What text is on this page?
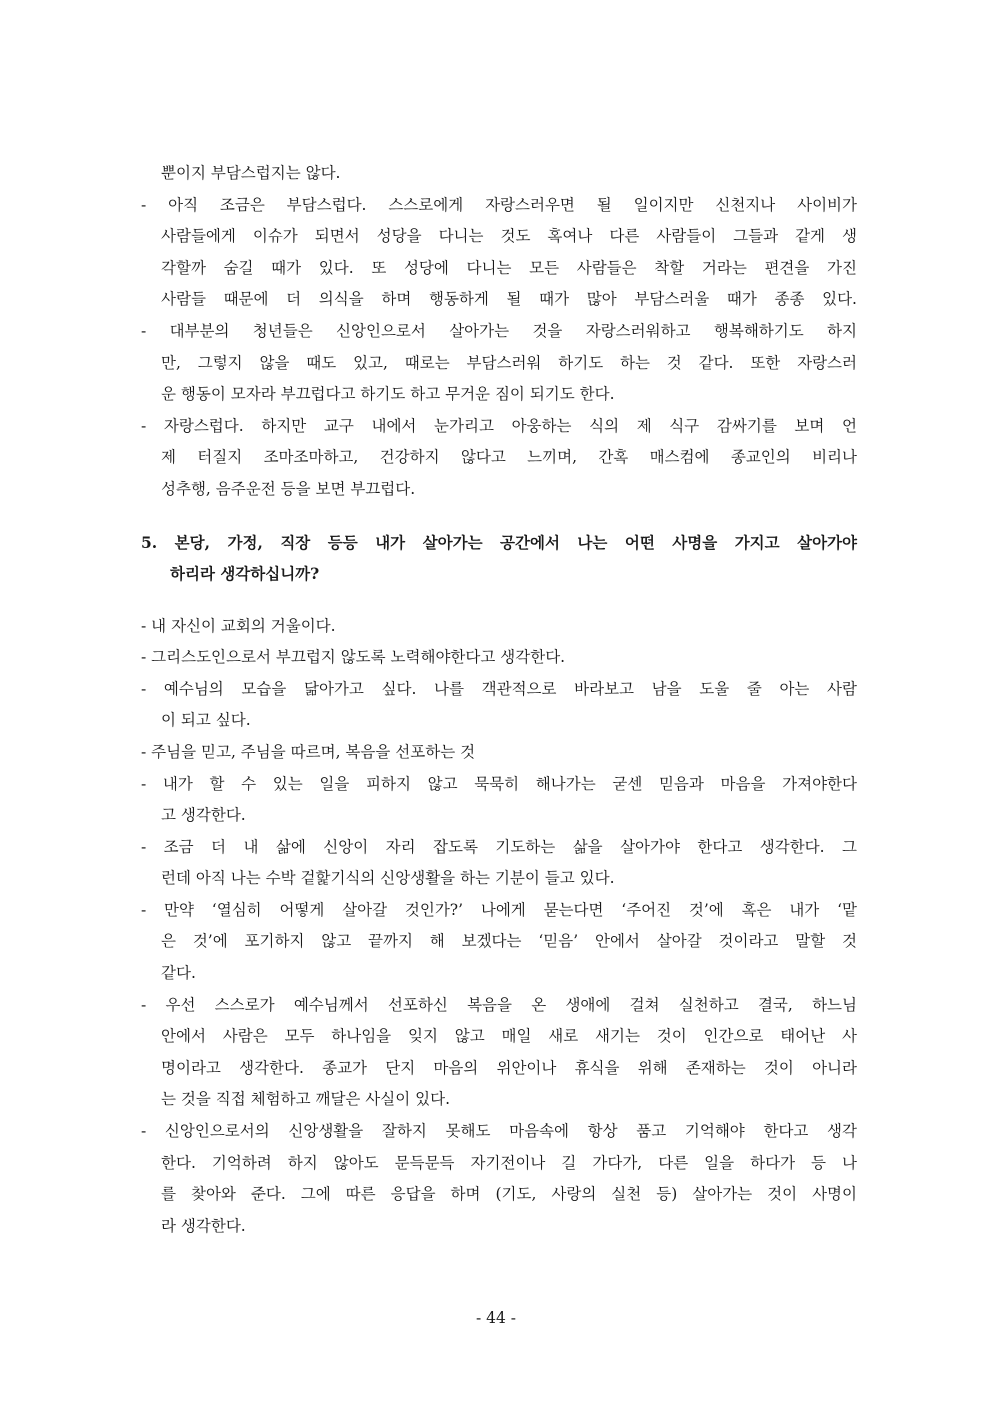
뿐이지 부담스럽지는 않다.
- 아직 조금은 부담스럽다. 스스로에게 자랑스러우면 될 일이지만 신천지나 사이비가
사람들에게 이슈가 되면서 성당을 다니는 것도 혹여나 다른 사람들이 그들과 같게 생
각할까 숨길 때가 있다. 또 성당에 다니는 모든 사람들은 착할 거라는 편견을 가진
사람들 때문에 더 의식을 하며 행동하게 될 때가 많아 부담스러울 때가 종종 있다.
- 대부분의 청년들은 신앙인으로서 살아가는 것을 자랑스러워하고 행복해하기도 하지
만, 그렇지 않을 때도 있고, 때로는 부담스러워 하기도 하는 것 같다. 또한 자랑스러
운 행동이 모자라 부끄럽다고 하기도 하고 무거운 짐이 되기도 한다.
- 자랑스럽다. 하지만 교구 내에서 눈가리고 아웅하는 식의 제 식구 감싸기를 보며 언
제 터질지 조마조마하고, 건강하지 않다고 느끼며, 간혹 매스컴에 종교인의 비리나
성추행, 음주운전 등을 보면 부끄럽다.
5. 본당, 가정, 직장 등등 내가 살아가는 공간에서 나는 어떤 사명을 가지고 살아가야
하리라 생각하십니까?
- 내 자신이 교회의 거울이다.
- 그리스도인으로서 부끄럽지 않도록 노력해야한다고 생각한다.
- 예수님의 모습을 닮아가고 싶다. 나를 객관적으로 바라보고 남을 도울 줄 아는 사람
이 되고 싶다.
- 주님을 믿고, 주님을 따르며, 복음을 선포하는 것
- 내가 할 수 있는 일을 피하지 않고 묵묵히 해나가는 굳센 믿음과 마음을 가져야한다
고 생각한다.
- 조금 더 내 삶에 신앙이 자리 잡도록 기도하는 삶을 살아가야 한다고 생각한다. 그
런데 아직 나는 수박 겉핥기식의 신앙생활을 하는 기분이 들고 있다.
- 만약 ‘열심히 어떻게 살아갈 것인가?’ 나에게 묻는다면 ‘주어진 것’에 혹은 내가 ‘맡
은 것’에 포기하지 않고 끝까지 해 보겠다는 ‘믿음’ 안에서 살아갈 것이라고 말할 것
같다.
- 우선 스스로가 예수님께서 선포하신 복음을 온 생애에 걸쳐 실천하고 결국, 하느님
안에서 사람은 모두 하나임을 잊지 않고 매일 새로 새기는 것이 인간으로 태어난 사
명이라고 생각한다. 종교가 단지 마음의 위안이나 휴식을 위해 존재하는 것이 아니라
는 것을 직접 체험하고 깨달은 사실이 있다.
- 신앙인으로서의 신앙생활을 잘하지 못해도 마음속에 항상 품고 기억해야 한다고 생각
한다. 기억하려 하지 않아도 문득문득 자기전이나 길 가다가, 다른 일을 하다가 등 나
를 찾아와 준다. 그에 따른 응답을 하며 (기도, 사랑의 실천 등) 살아가는 것이 사명이
라 생각한다.
- 44 -
